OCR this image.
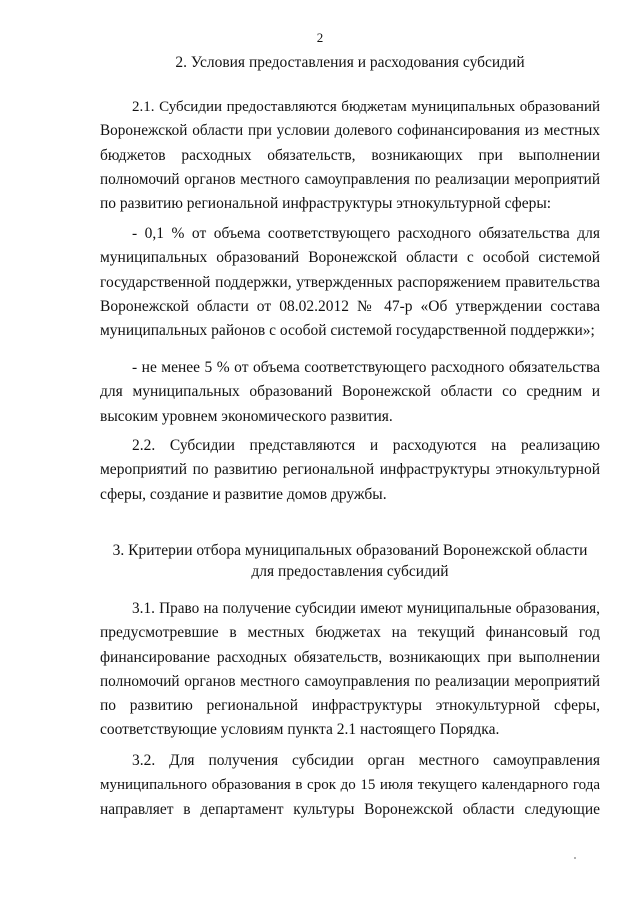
2
2. Условия предоставления и расходования субсидий
2.1. Субсидии предоставляются бюджетам муниципальных образований
Воронежской области при условии долевого софинансирования из местных
бюджетов расходных обязательств, возникающих при выполнении
полномочий органов местного самоуправления по реализации мероприятий
по развитию региональной инфраструктуры этнокультурной сферы:
- 0,1 % от объема соответствующего расходного обязательства для
муниципальных образований Воронежской области с особой системой
государственной поддержки, утвержденных распоряжением правительства
Воронежской области от 08.02.2012 № 47-р «Об утверждении состава
муниципальных районов с особой системой государственной поддержки»;
- не менее 5 % от объема соответствующего расходного обязательства
для муниципальных образований Воронежской области со средним и
высоким уровнем экономического развития.
2.2. Субсидии представляются и расходуются на реализацию
мероприятий по развитию региональной инфраструктуры этнокультурной
сферы, создание и развитие домов дружбы.
3. Критерии отбора муниципальных образований Воронежской области
для предоставления субсидий
3.1. Право на получение субсидии имеют муниципальные образования,
предусмотревшие в местных бюджетах на текущий финансовый год
финансирование расходных обязательств, возникающих при выполнении
полномочий органов местного самоуправления по реализации мероприятий
по развитию региональной инфраструктуры этнокультурной сферы,
соответствующие условиям пункта 2.1 настоящего Порядка.
3.2. Для получения субсидии орган местного самоуправления
муниципального образования в срок до 15 июля текущего календарного года
направляет в департамент культуры Воронежской области следующие
